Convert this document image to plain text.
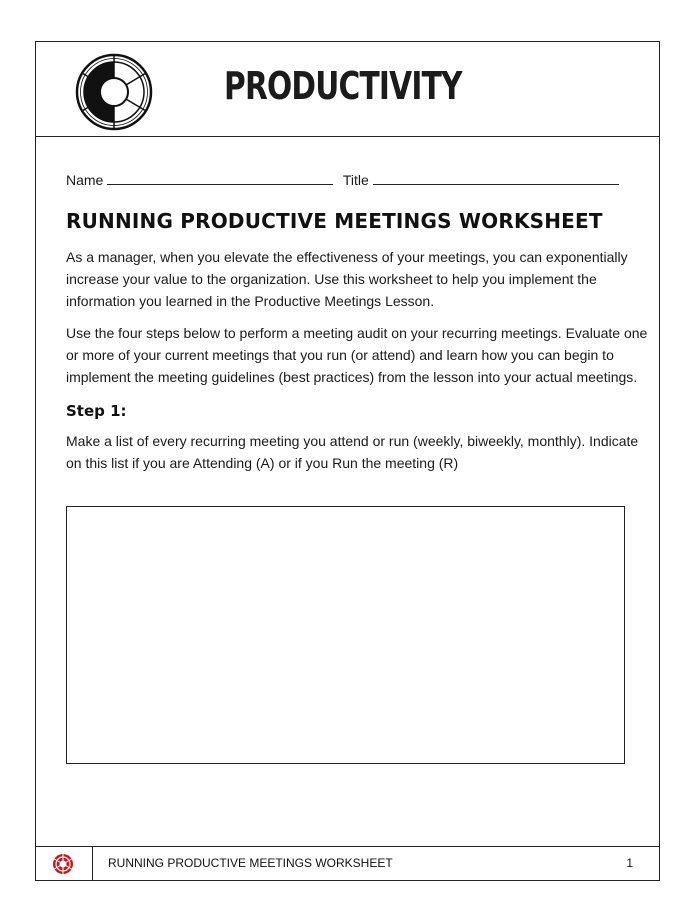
PRODUCTIVITY
Name	Title
RUNNING PRODUCTIVE MEETINGS WORKSHEET

As a manager, when you elevate the effectiveness of your meetings, you can exponentially increase your value to the organization. Use this worksheet to help you implement the information you learned in the Productive Meetings Lesson.

Use the four steps below to perform a meeting audit on your recurring meetings. Evaluate one or more of your current meetings that you run (or attend) and learn how you can begin to implement the meeting guidelines (best practices) from the lesson into your actual meetings.

Step 1:

Make a list of every recurring meeting you attend or run (weekly, biweekly, monthly). Indicate on this list if you are Attending (A) or if you Run the meeting (R)

RUNNING PRODUCTIVE MEETINGS WORKSHEET	1
